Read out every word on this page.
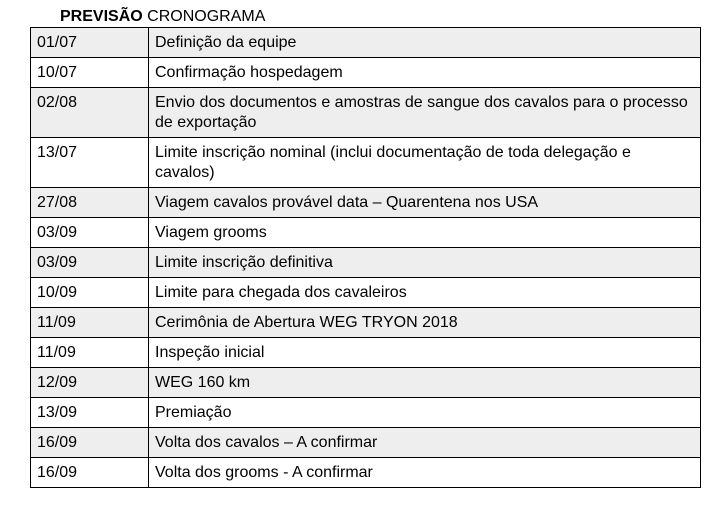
PREVISÃO CRONOGRAMA
01/07	Definição da equipe
10/07	Confirmação hospedagem
02/08	Envio dos documentos e amostras de sangue dos cavalos para o processo de exportação
13/07	Limite inscrição nominal (inclui documentação de toda delegação e cavalos)
27/08	Viagem cavalos provável data – Quarentena nos USA
03/09	Viagem grooms
03/09	Limite inscrição definitiva
10/09	Limite para chegada dos cavaleiros
11/09	Cerimônia de Abertura WEG TRYON 2018
11/09	Inspeção inicial
12/09	WEG 160 km
13/09	Premiação
16/09	Volta dos cavalos – A confirmar
16/09	Volta dos grooms - A confirmar
